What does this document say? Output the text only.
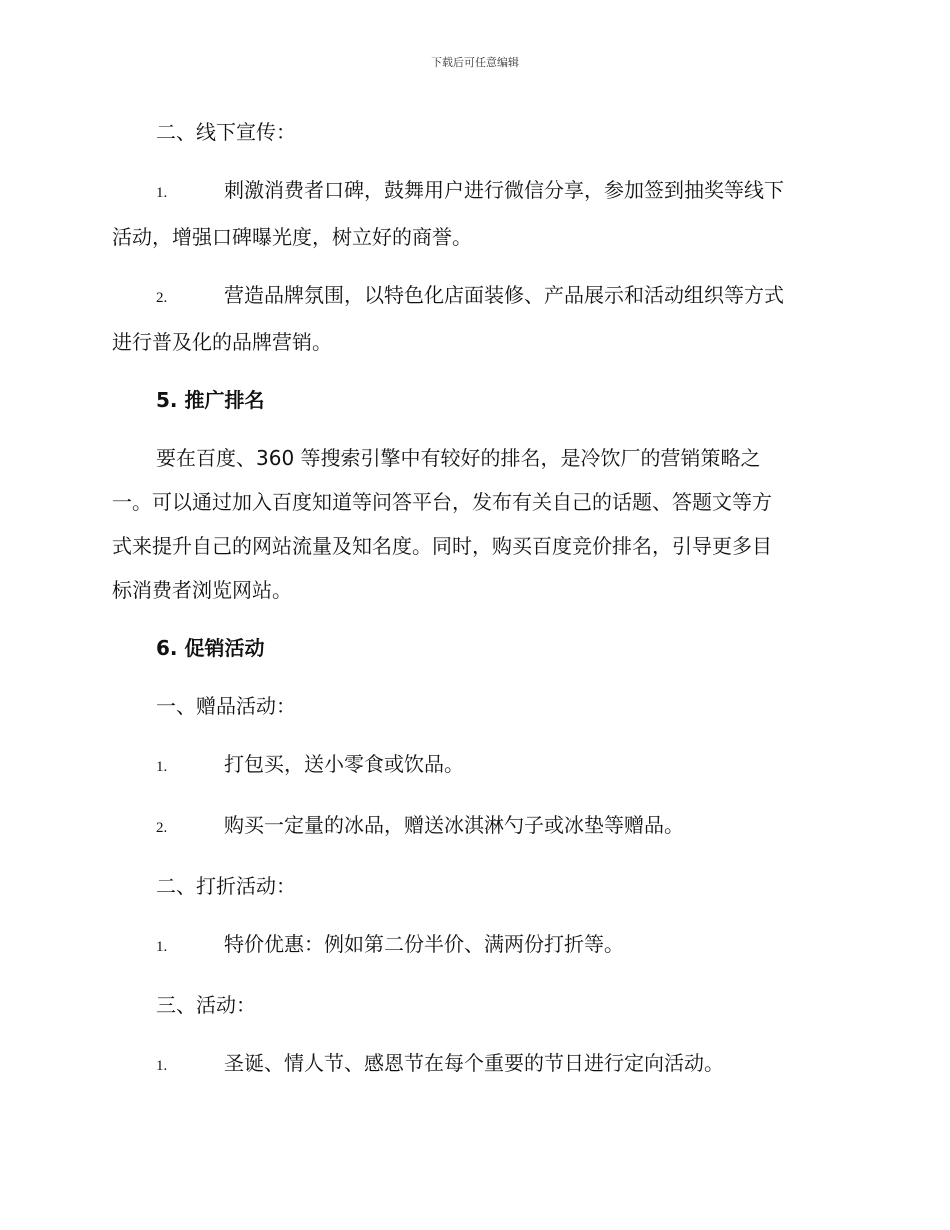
下载后可任意编辑
二、线下宣传：
1.	刺激消费者口碑，鼓舞用户进行微信分享，参加签到抽奖等线下
活动，增强口碑曝光度，树立好的商誉。
2.	营造品牌氛围，以特色化店面装修、产品展示和活动组织等方式
进行普及化的品牌营销。
5. 推广排名
要在百度、360 等搜索引擎中有较好的排名，是冷饮厂的营销策略之
一。可以通过加入百度知道等问答平台，发布有关自己的话题、答题文等方
式来提升自己的网站流量及知名度。同时，购买百度竞价排名，引导更多目
标消费者浏览网站。
6. 促销活动
一、赠品活动：
1.	打包买，送小零食或饮品。
2.	购买一定量的冰品，赠送冰淇淋勺子或冰垫等赠品。
二、打折活动：
1.	特价优惠：例如第二份半价、满两份打折等。
三、活动：
1.	圣诞、情人节、感恩节在每个重要的节日进行定向活动。
